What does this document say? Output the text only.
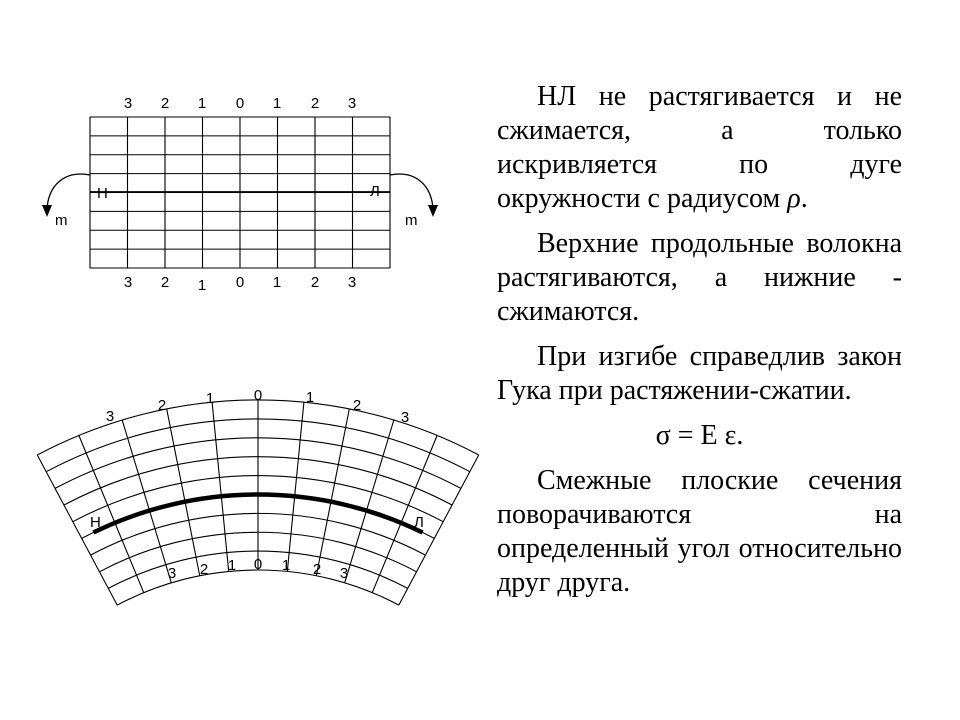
Н	Л
m	m
3 2 1 0 1 2 3
3 2 1 0 1 2 3
Н	Л
3
2	1	0	1	2
3
3 2 1 0 1 2 3

НЛ не растягивается и не сжимается, а только искривляется по дуге окружности с радиусом ρ.

Верхние продольные волокна растягиваются, а нижние - сжимаются.

При изгибе справедлив закон Гука при растяжении-сжатии.

σ = E ε.

Смежные плоские сечения поворачиваются на определенный угол относительно друг друга.
